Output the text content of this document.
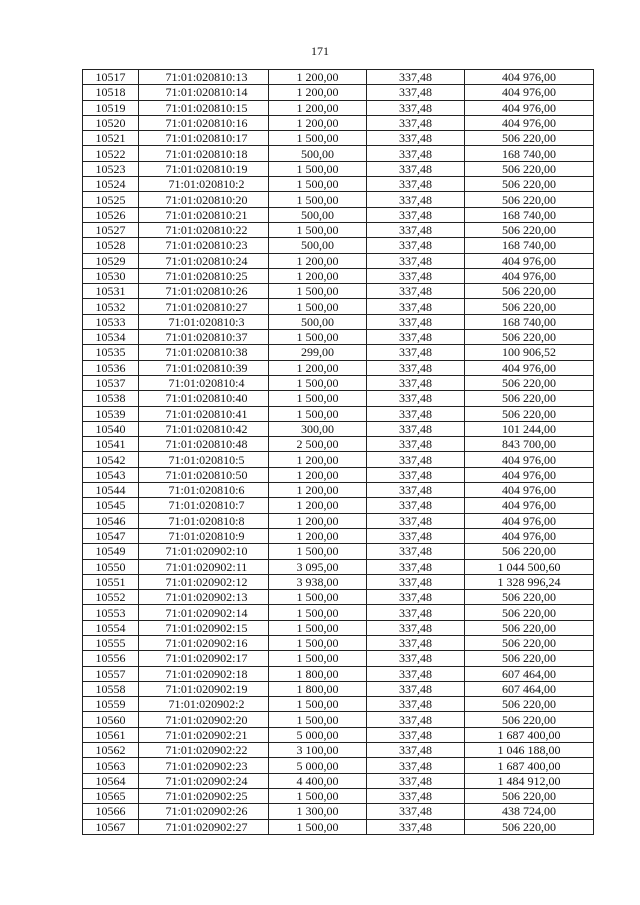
171
10517	71:01:020810:13	1 200,00	337,48	404 976,00
10518	71:01:020810:14	1 200,00	337,48	404 976,00
10519	71:01:020810:15	1 200,00	337,48	404 976,00
10520	71:01:020810:16	1 200,00	337,48	404 976,00
10521	71:01:020810:17	1 500,00	337,48	506 220,00
10522	71:01:020810:18	500,00	337,48	168 740,00
10523	71:01:020810:19	1 500,00	337,48	506 220,00
10524	71:01:020810:2	1 500,00	337,48	506 220,00
10525	71:01:020810:20	1 500,00	337,48	506 220,00
10526	71:01:020810:21	500,00	337,48	168 740,00
10527	71:01:020810:22	1 500,00	337,48	506 220,00
10528	71:01:020810:23	500,00	337,48	168 740,00
10529	71:01:020810:24	1 200,00	337,48	404 976,00
10530	71:01:020810:25	1 200,00	337,48	404 976,00
10531	71:01:020810:26	1 500,00	337,48	506 220,00
10532	71:01:020810:27	1 500,00	337,48	506 220,00
10533	71:01:020810:3	500,00	337,48	168 740,00
10534	71:01:020810:37	1 500,00	337,48	506 220,00
10535	71:01:020810:38	299,00	337,48	100 906,52
10536	71:01:020810:39	1 200,00	337,48	404 976,00
10537	71:01:020810:4	1 500,00	337,48	506 220,00
10538	71:01:020810:40	1 500,00	337,48	506 220,00
10539	71:01:020810:41	1 500,00	337,48	506 220,00
10540	71:01:020810:42	300,00	337,48	101 244,00
10541	71:01:020810:48	2 500,00	337,48	843 700,00
10542	71:01:020810:5	1 200,00	337,48	404 976,00
10543	71:01:020810:50	1 200,00	337,48	404 976,00
10544	71:01:020810:6	1 200,00	337,48	404 976,00
10545	71:01:020810:7	1 200,00	337,48	404 976,00
10546	71:01:020810:8	1 200,00	337,48	404 976,00
10547	71:01:020810:9	1 200,00	337,48	404 976,00
10549	71:01:020902:10	1 500,00	337,48	506 220,00
10550	71:01:020902:11	3 095,00	337,48	1 044 500,60
10551	71:01:020902:12	3 938,00	337,48	1 328 996,24
10552	71:01:020902:13	1 500,00	337,48	506 220,00
10553	71:01:020902:14	1 500,00	337,48	506 220,00
10554	71:01:020902:15	1 500,00	337,48	506 220,00
10555	71:01:020902:16	1 500,00	337,48	506 220,00
10556	71:01:020902:17	1 500,00	337,48	506 220,00
10557	71:01:020902:18	1 800,00	337,48	607 464,00
10558	71:01:020902:19	1 800,00	337,48	607 464,00
10559	71:01:020902:2	1 500,00	337,48	506 220,00
10560	71:01:020902:20	1 500,00	337,48	506 220,00
10561	71:01:020902:21	5 000,00	337,48	1 687 400,00
10562	71:01:020902:22	3 100,00	337,48	1 046 188,00
10563	71:01:020902:23	5 000,00	337,48	1 687 400,00
10564	71:01:020902:24	4 400,00	337,48	1 484 912,00
10565	71:01:020902:25	1 500,00	337,48	506 220,00
10566	71:01:020902:26	1 300,00	337,48	438 724,00
10567	71:01:020902:27	1 500,00	337,48	506 220,00
